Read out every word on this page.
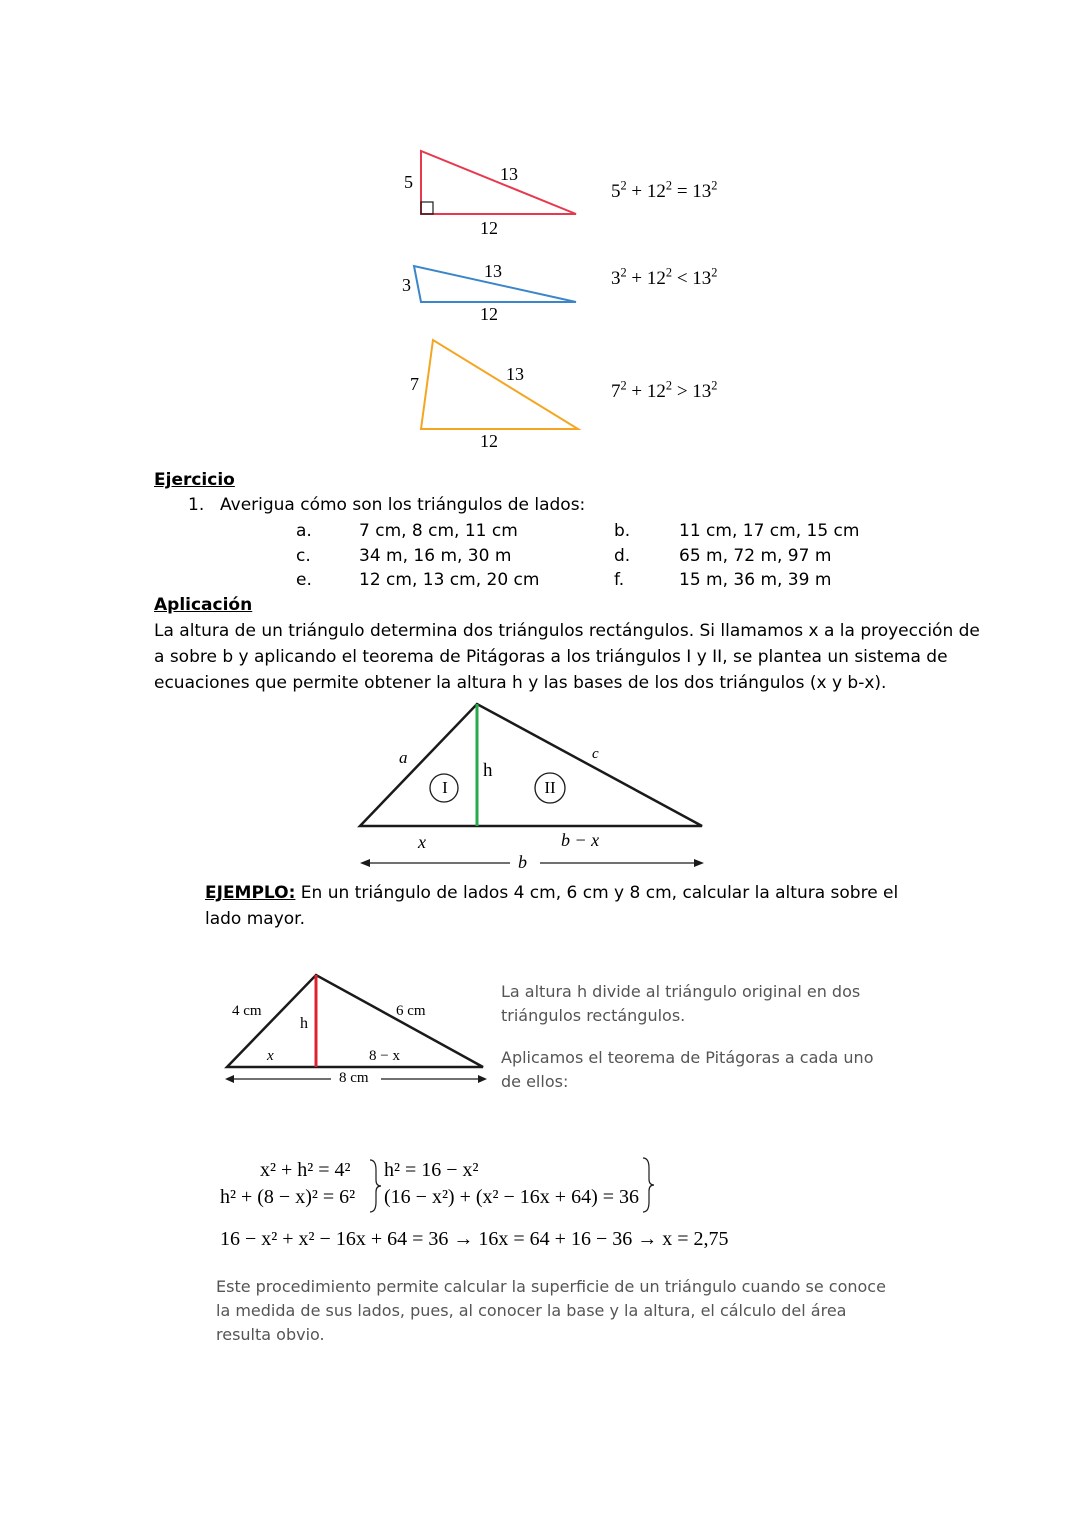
5	13
12
$5^2 + 12^2 = 13^2$
3
13
12
$3^2 + 12^2 < 13^2$
7	13
12
$7^2 + 12^2 > 13^2$
Ejercicio
1. Averigua cómo son los triángulos de lados:
a.	7 cm, 8 cm, 11 cm	b.	11 cm, 17 cm, 15 cm
c.	34 m, 16 m, 30 m	d.	65 m, 72 m, 97 m
e.	12 cm, 13 cm, 20 cm	f.	15 m, 36 m, 39 m
Aplicación
La altura de un triángulo determina dos triángulos rectángulos. Si llamamos x a la proyección de
a sobre b y aplicando el teorema de Pitágoras a los triángulos I y II, se plantea un sistema de
ecuaciones que permite obtener la altura h y las bases de los dos triángulos (x y b-x).
a	c
h
I	II
x	b − x
b
EJEMPLO: En un triángulo de lados 4 cm, 6 cm y 8 cm, calcular la altura sobre el
lado mayor.
4 cm	6 cm
h
x	8 − x
8 cm
La altura h divide al triángulo original en dos
triángulos rectángulos.
Aplicamos el teorema de Pitágoras a cada uno
de ellos:
x² + h² = 4²
h² + (8 − x)² = 6²
h² = 16 − x²
(16 − x²) + (x² − 16x + 64) = 36
16 − x² + x² − 16x + 64 = 36 → 16x = 64 + 16 − 36 → x = 2,75
Este procedimiento permite calcular la superficie de un triángulo cuando se conoce
la medida de sus lados, pues, al conocer la base y la altura, el cálculo del área
resulta obvio.
